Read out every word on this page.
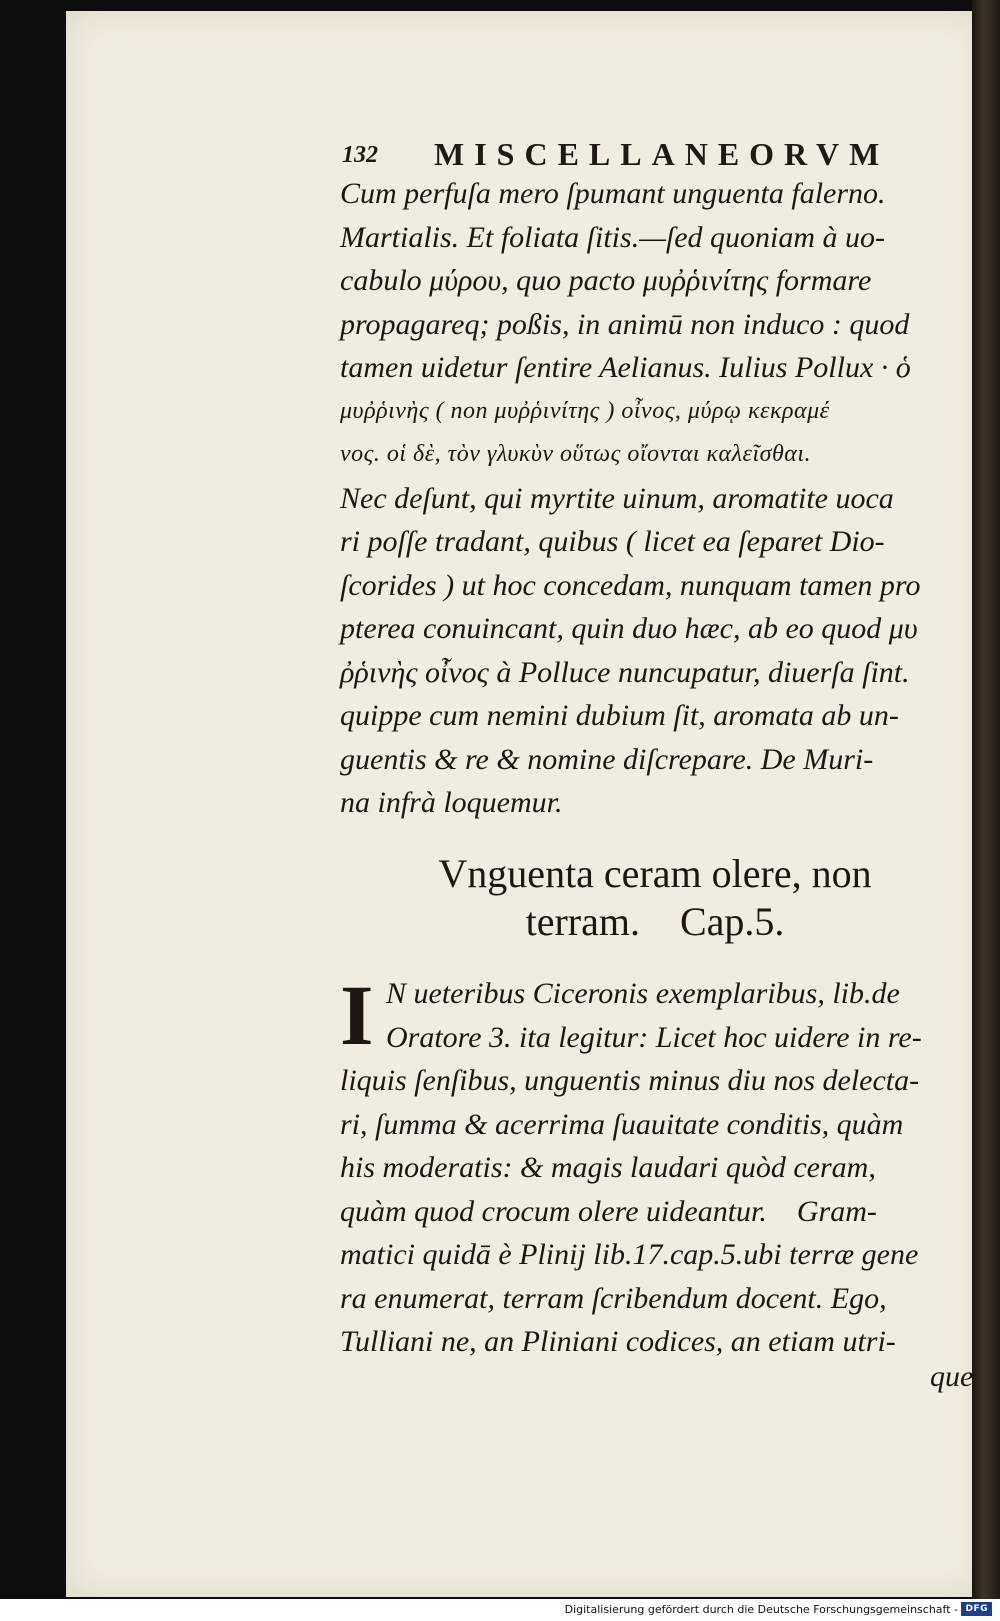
132 MISCELLANEORVM
Cum perfuſa mero ſpumant unguenta falerno.
Martialis. Et foliata ſitis.—ſed quoniam à uo-
cabulo μύρου, quo pacto μυῤῥινίτης formare
propagareq; poßis, in animū non induco : quod
tamen uidetur ſentire Aelianus. Iulius Pollux · ὁ
μυῤῥινὴς ( non μυῤῥινίτης ) οἶνος, μύρῳ κεκραμέ
νος. οἱ δὲ, τὸν γλυκὺν οὕτως οἴονται καλεῖσθαι.
Nec deſunt, qui myrtite uinum, aromatite uoca
ri poſſe tradant, quibus ( licet ea ſeparet Dio-
ſcorides ) ut hoc concedam, nunquam tamen pro
pterea conuincant, quin duo hæc, ab eo quod μυ
ῤῥινὴς οἶνος à Polluce nuncupatur, diuerſa ſint.
quippe cum nemini dubium ſit, aromata ab un-
guentis & re & nomine diſcrepare. De Muri-
na infrà loquemur.
Vnguenta ceram olere, non
terram.    Cap.5.
I N ueteribus Ciceronis exemplaribus, lib.de
Oratore 3. ita legitur: Licet hoc uidere in re-
liquis ſenſibus, unguentis minus diu nos delecta-
ri, ſumma & acerrima ſuauitate conditis, quàm
his moderatis: & magis laudari quòd ceram,
quàm quod crocum olere uideantur.    Gram-
matici quidā è Plinij lib.17.cap.5.ubi terræ gene
ra enumerat, terram ſcribendum docent. Ego,
Tulliani ne, an Pliniani codices, an etiam utri-
que
Digitalisierung gefördert durch die Deutsche Forschungsgemeinschaft - DFG
